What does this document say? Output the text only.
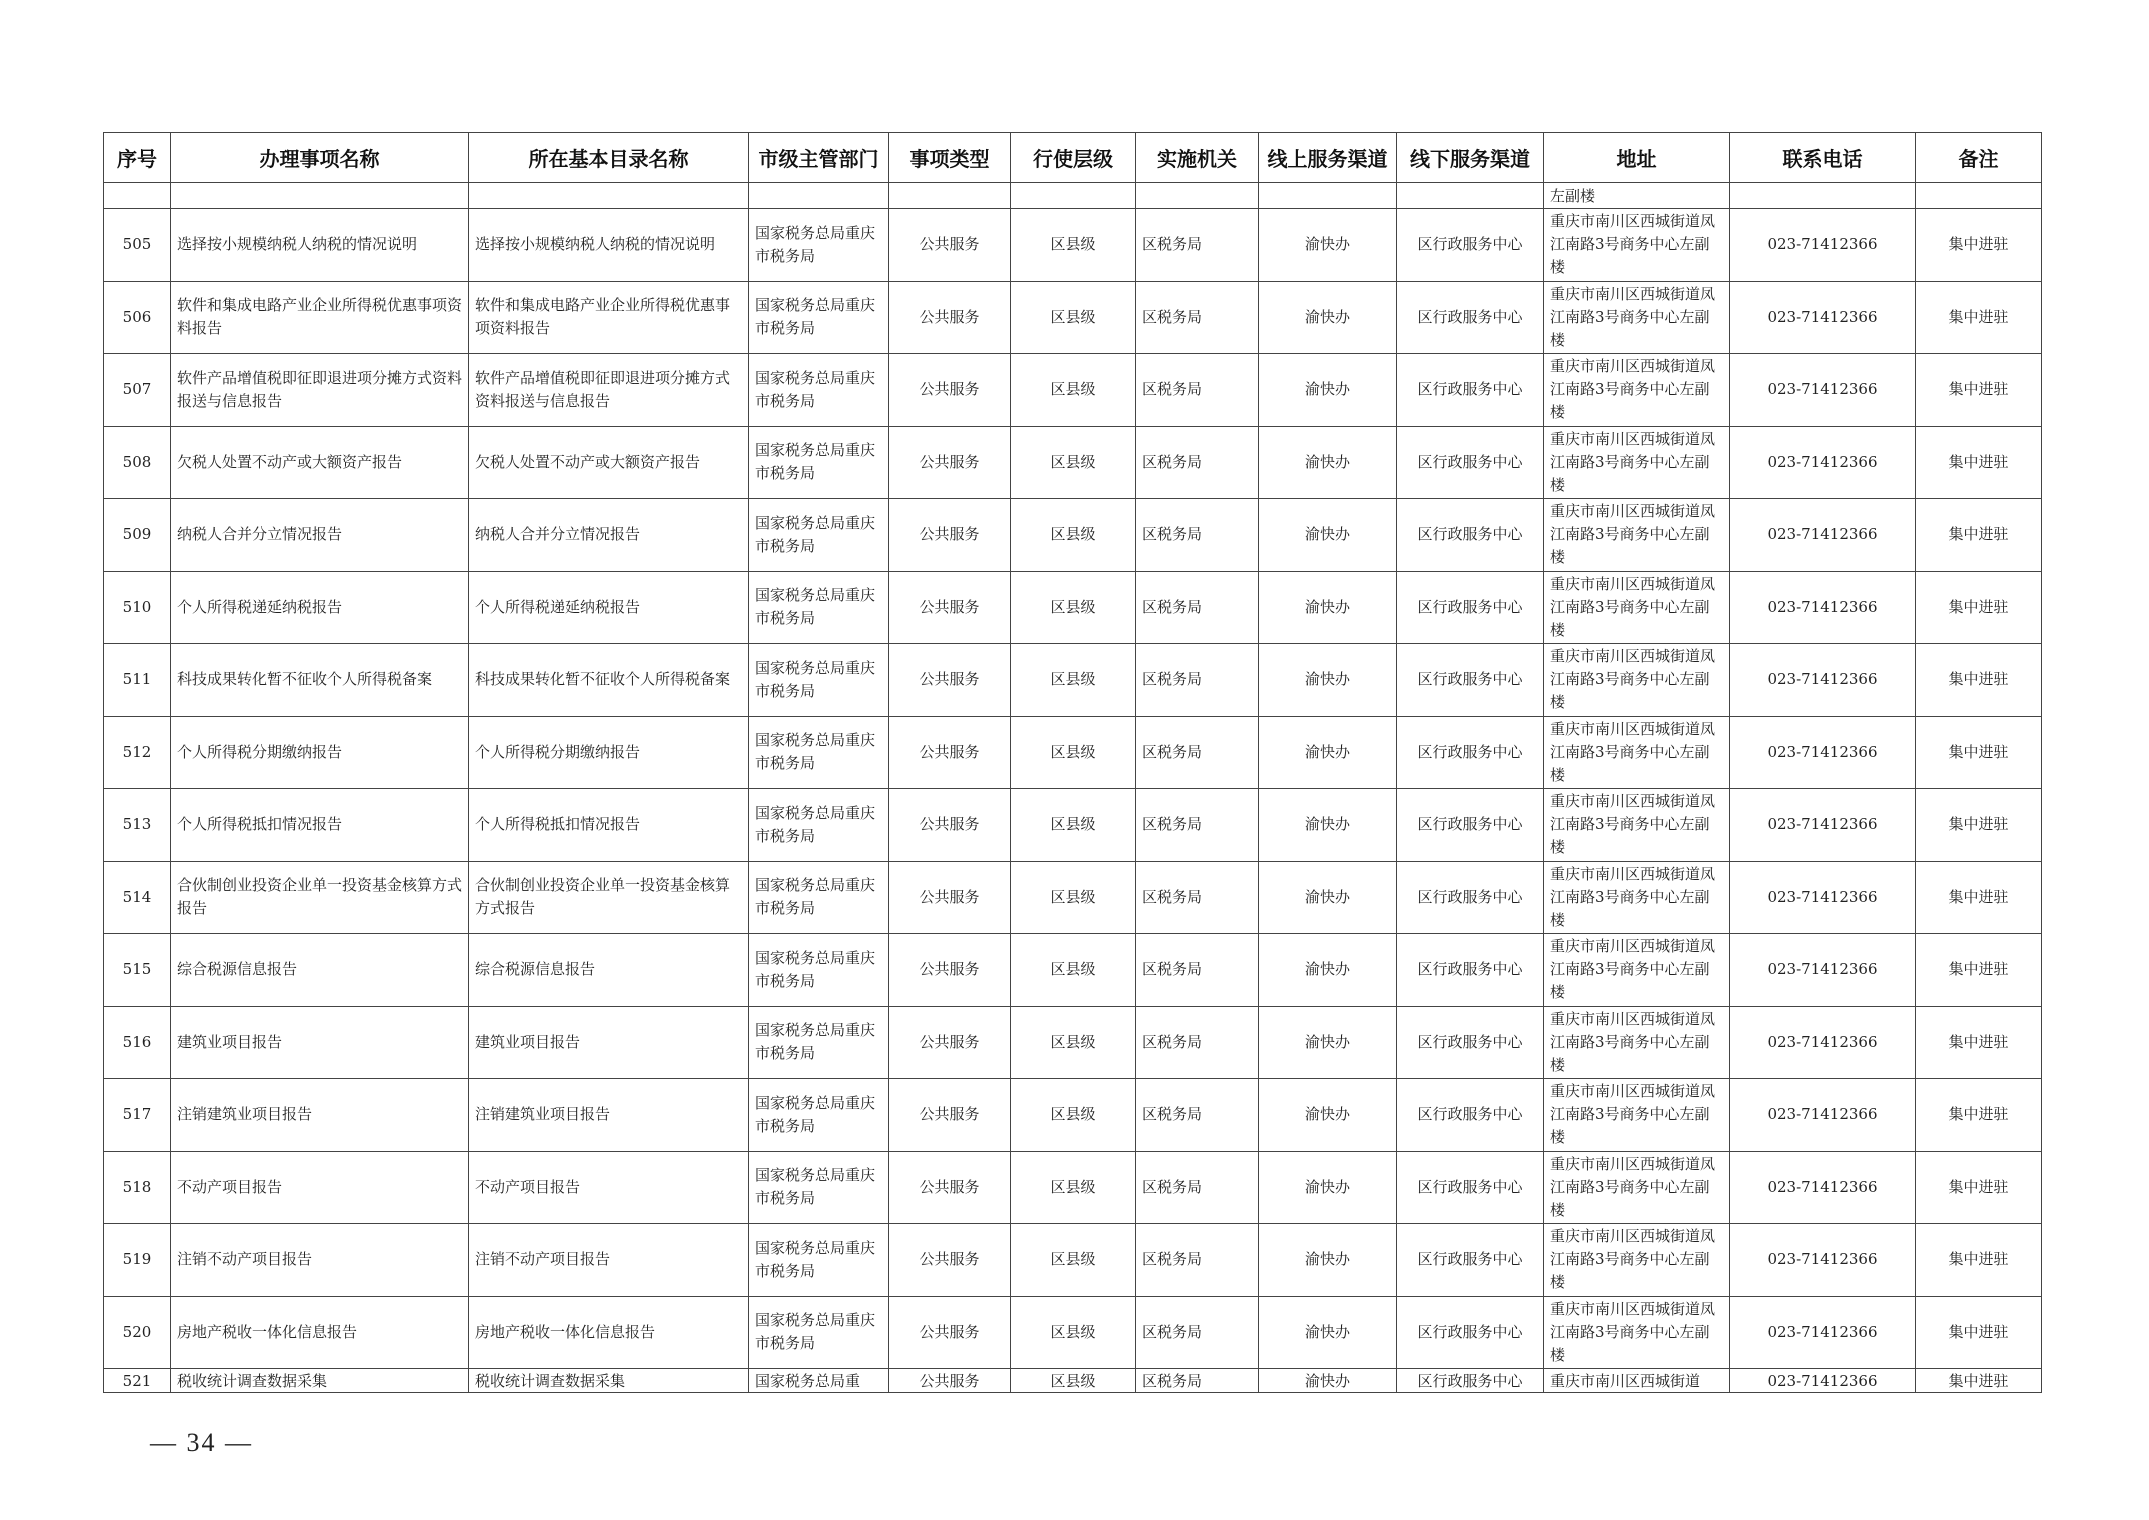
序号	办理事项名称	所在基本目录名称	市级主管部门	事项类型	行使层级	实施机关	线上服务渠道	线下服务渠道	地址	联系电话	备注
									左副楼		
505	选择按小规模纳税人纳税的情况说明	选择按小规模纳税人纳税的情况说明	国家税务总局重庆市税务局	公共服务	区县级	区税务局	渝快办	区行政服务中心	重庆市南川区西城街道凤江南路3号商务中心左副楼	023-71412366	集中进驻
506	软件和集成电路产业企业所得税优惠事项资料报告	软件和集成电路产业企业所得税优惠事项资料报告	国家税务总局重庆市税务局	公共服务	区县级	区税务局	渝快办	区行政服务中心	重庆市南川区西城街道凤江南路3号商务中心左副楼	023-71412366	集中进驻
507	软件产品增值税即征即退进项分摊方式资料报送与信息报告	软件产品增值税即征即退进项分摊方式资料报送与信息报告	国家税务总局重庆市税务局	公共服务	区县级	区税务局	渝快办	区行政服务中心	重庆市南川区西城街道凤江南路3号商务中心左副楼	023-71412366	集中进驻
508	欠税人处置不动产或大额资产报告	欠税人处置不动产或大额资产报告	国家税务总局重庆市税务局	公共服务	区县级	区税务局	渝快办	区行政服务中心	重庆市南川区西城街道凤江南路3号商务中心左副楼	023-71412366	集中进驻
509	纳税人合并分立情况报告	纳税人合并分立情况报告	国家税务总局重庆市税务局	公共服务	区县级	区税务局	渝快办	区行政服务中心	重庆市南川区西城街道凤江南路3号商务中心左副楼	023-71412366	集中进驻
510	个人所得税递延纳税报告	个人所得税递延纳税报告	国家税务总局重庆市税务局	公共服务	区县级	区税务局	渝快办	区行政服务中心	重庆市南川区西城街道凤江南路3号商务中心左副楼	023-71412366	集中进驻
511	科技成果转化暂不征收个人所得税备案	科技成果转化暂不征收个人所得税备案	国家税务总局重庆市税务局	公共服务	区县级	区税务局	渝快办	区行政服务中心	重庆市南川区西城街道凤江南路3号商务中心左副楼	023-71412366	集中进驻
512	个人所得税分期缴纳报告	个人所得税分期缴纳报告	国家税务总局重庆市税务局	公共服务	区县级	区税务局	渝快办	区行政服务中心	重庆市南川区西城街道凤江南路3号商务中心左副楼	023-71412366	集中进驻
513	个人所得税抵扣情况报告	个人所得税抵扣情况报告	国家税务总局重庆市税务局	公共服务	区县级	区税务局	渝快办	区行政服务中心	重庆市南川区西城街道凤江南路3号商务中心左副楼	023-71412366	集中进驻
514	合伙制创业投资企业单一投资基金核算方式报告	合伙制创业投资企业单一投资基金核算方式报告	国家税务总局重庆市税务局	公共服务	区县级	区税务局	渝快办	区行政服务中心	重庆市南川区西城街道凤江南路3号商务中心左副楼	023-71412366	集中进驻
515	综合税源信息报告	综合税源信息报告	国家税务总局重庆市税务局	公共服务	区县级	区税务局	渝快办	区行政服务中心	重庆市南川区西城街道凤江南路3号商务中心左副楼	023-71412366	集中进驻
516	建筑业项目报告	建筑业项目报告	国家税务总局重庆市税务局	公共服务	区县级	区税务局	渝快办	区行政服务中心	重庆市南川区西城街道凤江南路3号商务中心左副楼	023-71412366	集中进驻
517	注销建筑业项目报告	注销建筑业项目报告	国家税务总局重庆市税务局	公共服务	区县级	区税务局	渝快办	区行政服务中心	重庆市南川区西城街道凤江南路3号商务中心左副楼	023-71412366	集中进驻
518	不动产项目报告	不动产项目报告	国家税务总局重庆市税务局	公共服务	区县级	区税务局	渝快办	区行政服务中心	重庆市南川区西城街道凤江南路3号商务中心左副楼	023-71412366	集中进驻
519	注销不动产项目报告	注销不动产项目报告	国家税务总局重庆市税务局	公共服务	区县级	区税务局	渝快办	区行政服务中心	重庆市南川区西城街道凤江南路3号商务中心左副楼	023-71412366	集中进驻
520	房地产税收一体化信息报告	房地产税收一体化信息报告	国家税务总局重庆市税务局	公共服务	区县级	区税务局	渝快办	区行政服务中心	重庆市南川区西城街道凤江南路3号商务中心左副楼	023-71412366	集中进驻
521	税收统计调查数据采集	税收统计调查数据采集	国家税务总局重	公共服务	区县级	区税务局	渝快办	区行政服务中心	重庆市南川区西城街道	023-71412366	集中进驻
— 34 —
